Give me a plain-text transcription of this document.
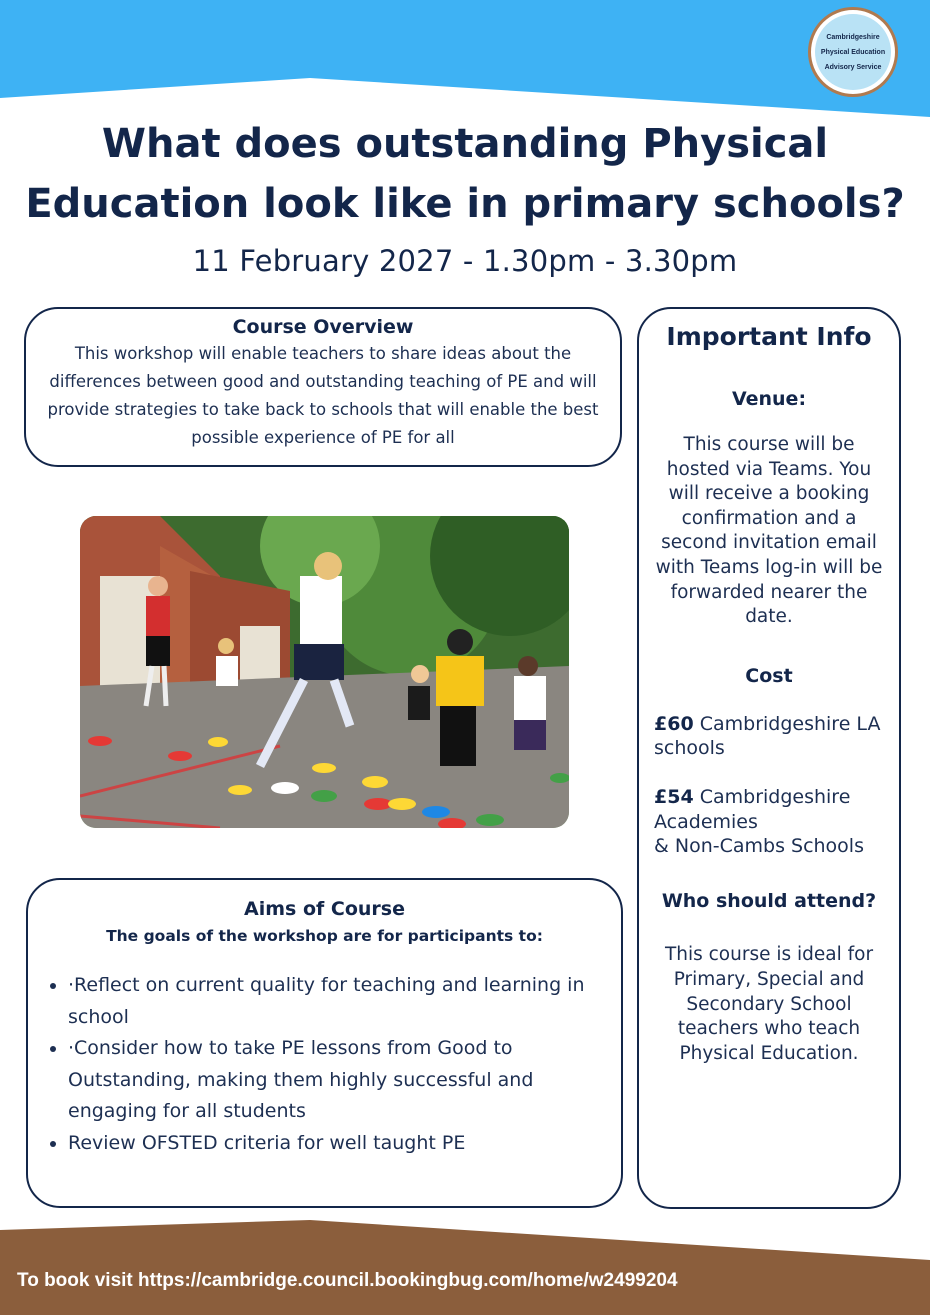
Cambridgeshire
Physical Education
Advisory Service
What does outstanding Physical
Education look like in primary schools?
11 February 2027 - 1.30pm - 3.30pm
Course Overview

This workshop will enable teachers to share ideas about the differences between good and outstanding teaching of PE and will provide strategies to take back to schools that will enable the best possible experience of PE for all

Aims of Course
The goals of the workshop are for participants to:
• ·Reflect on current quality for teaching and learning in school
• ·Consider how to take PE lessons from Good to Outstanding, making them highly successful and engaging for all students
• Review OFSTED criteria for well taught PE
Important Info
Venue:
This course will be hosted via Teams. You will receive a booking confirmation and a second invitation email with Teams log-in will be forwarded nearer the date.
Cost
£60 Cambridgeshire LA schools
£54 Cambridgeshire Academies
& Non-Cambs Schools
Who should attend?
This course is ideal for Primary, Special and Secondary School teachers who teach Physical Education.
To book visit https://cambridge.council.bookingbug.com/home/w2499204
